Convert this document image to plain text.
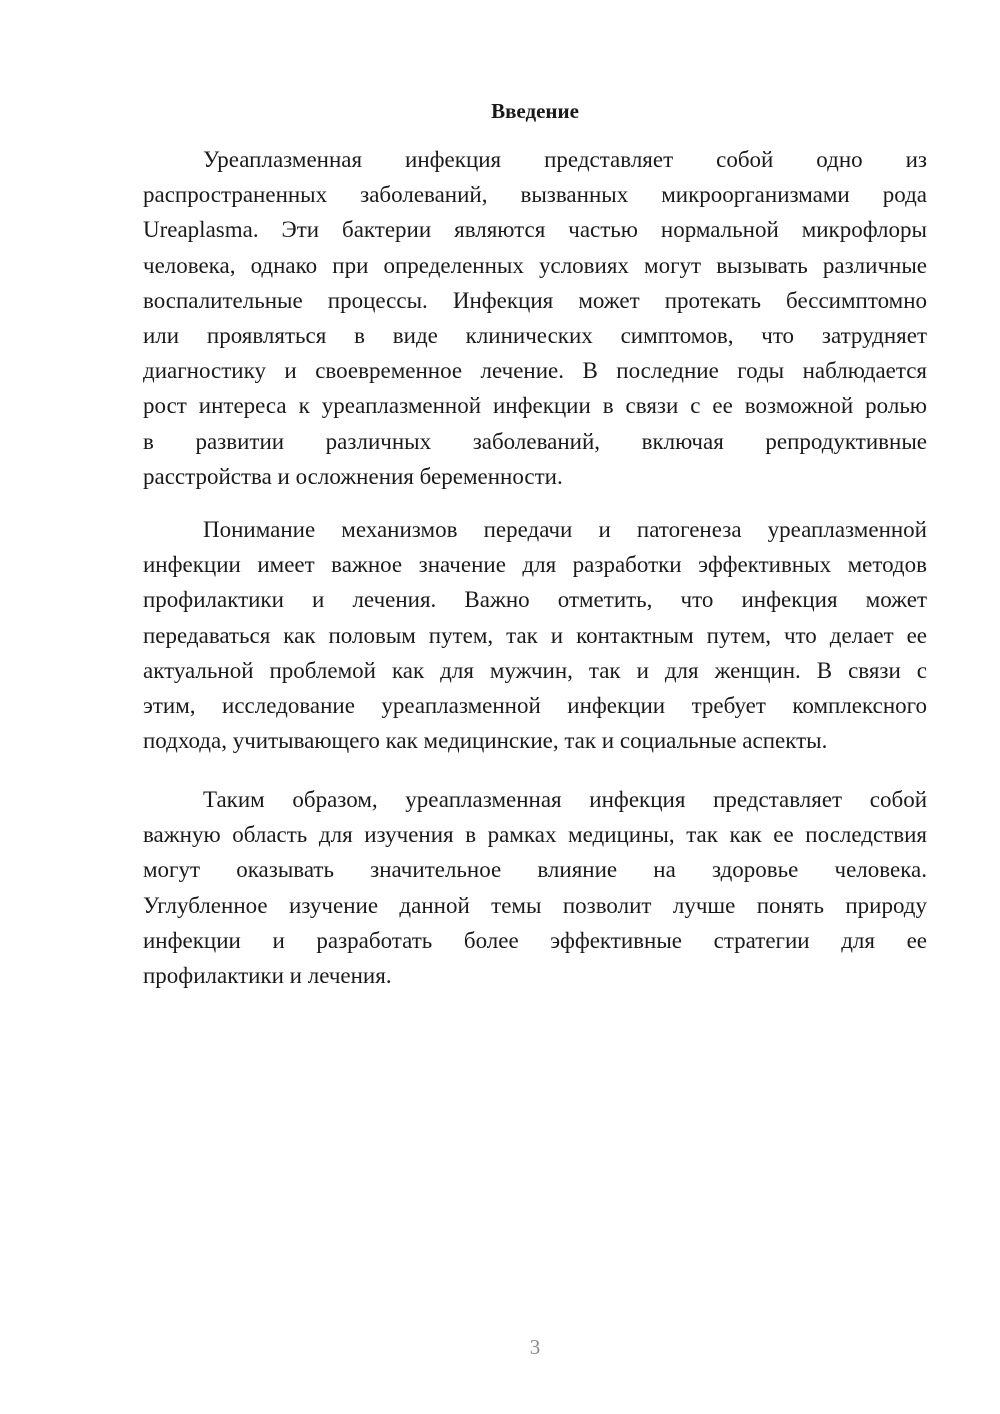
Введение
Уреаплазменная инфекция представляет собой одно из
распространенных заболеваний, вызванных микроорганизмами рода
Ureaplasma. Эти бактерии являются частью нормальной микрофлоры
человека, однако при определенных условиях могут вызывать различные
воспалительные процессы. Инфекция может протекать бессимптомно
или проявляться в виде клинических симптомов, что затрудняет
диагностику и своевременное лечение. В последние годы наблюдается
рост интереса к уреаплазменной инфекции в связи с ее возможной ролью
в развитии различных заболеваний, включая репродуктивные
расстройства и осложнения беременности.
Понимание механизмов передачи и патогенеза уреаплазменной
инфекции имеет важное значение для разработки эффективных методов
профилактики и лечения. Важно отметить, что инфекция может
передаваться как половым путем, так и контактным путем, что делает ее
актуальной проблемой как для мужчин, так и для женщин. В связи с
этим, исследование уреаплазменной инфекции требует комплексного
подхода, учитывающего как медицинские, так и социальные аспекты.
Таким образом, уреаплазменная инфекция представляет собой
важную область для изучения в рамках медицины, так как ее последствия
могут оказывать значительное влияние на здоровье человека.
Углубленное изучение данной темы позволит лучше понять природу
инфекции и разработать более эффективные стратегии для ее
профилактики и лечения.
3
